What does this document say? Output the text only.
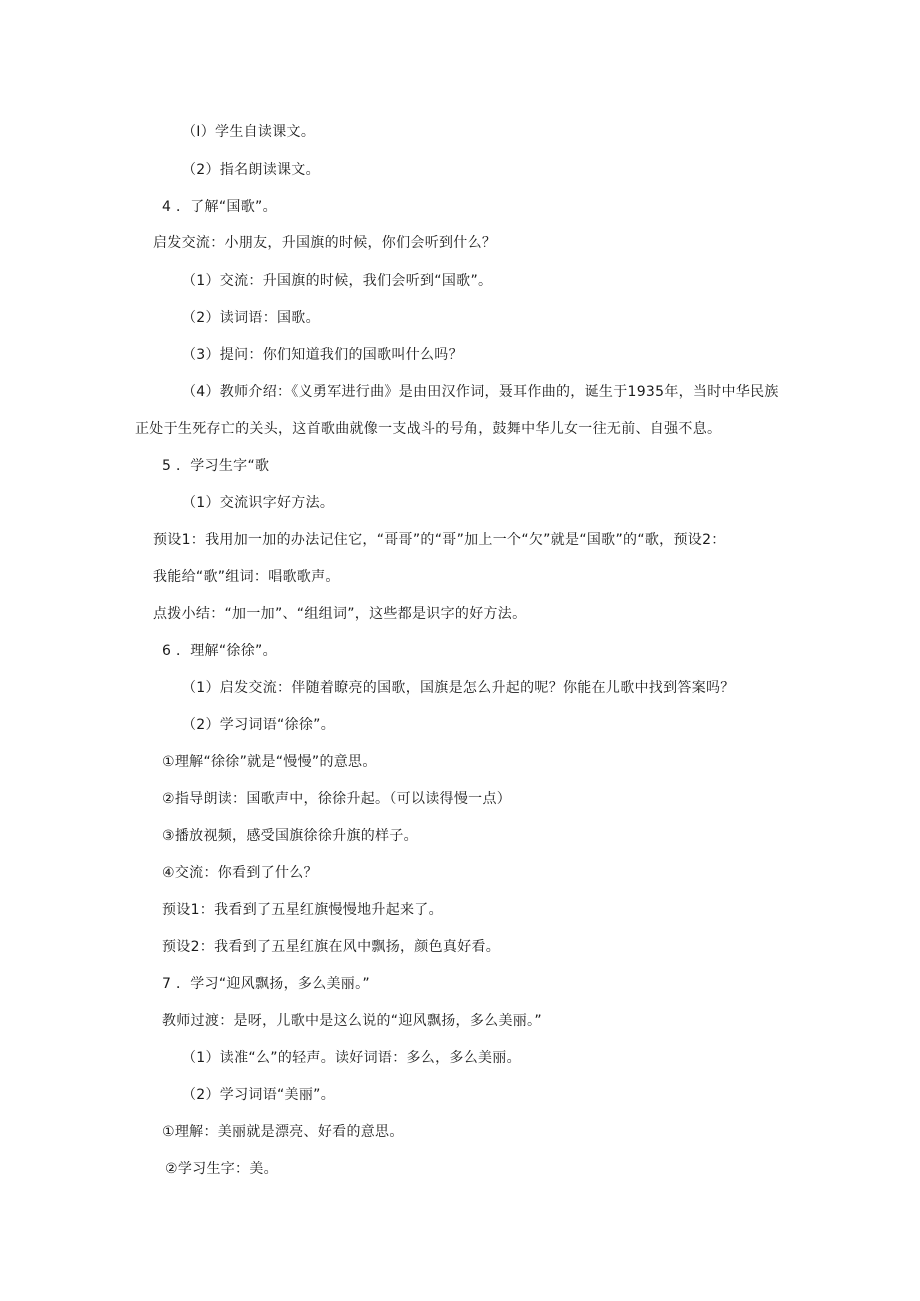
（I）学生自读课文。
（2）指名朗读课文。
4 ．了解“国歌”。
启发交流：小朋友，升国旗的时候，你们会听到什么？
（1）交流：升国旗的时候，我们会听到“国歌”。
（2）读词语：国歌。
（3）提问：你们知道我们的国歌叫什么吗？
（4）教师介绍：《义勇军进行曲》是由田汉作词，聂耳作曲的，诞生于1935年，当时中华民族
正处于生死存亡的关头，这首歌曲就像一支战斗的号角，鼓舞中华儿女一往无前、自强不息。
5 ．学习生字“歌
（1）交流识字好方法。
预设1：我用加一加的办法记住它，“哥哥”的“哥”加上一个“欠”就是“国歌”的“歌，预设2：
我能给“歌”组词：唱歌歌声。
点拨小结：“加一加”、“组组词”，这些都是识字的好方法。
6 ．理解“徐徐”。
（1）启发交流：伴随着瞭亮的国歌，国旗是怎么升起的呢？你能在儿歌中找到答案吗？
（2）学习词语“徐徐”。
①理解“徐徐”就是“慢慢”的意思。
②指导朗读：国歌声中，徐徐升起。（可以读得慢一点）
③播放视频，感受国旗徐徐升旗的样子。
④交流：你看到了什么？
预设1：我看到了五星红旗慢慢地升起来了。
预设2：我看到了五星红旗在风中飘扬，颜色真好看。
7 ．学习“迎风飘扬，多么美丽。”
教师过渡：是呀，儿歌中是这么说的“迎风飘扬，多么美丽。”
（1）读准“么”的轻声。读好词语：多么，多么美丽。
（2）学习词语“美丽”。
①理解：美丽就是漂亮、好看的意思。
②学习生字：美。
